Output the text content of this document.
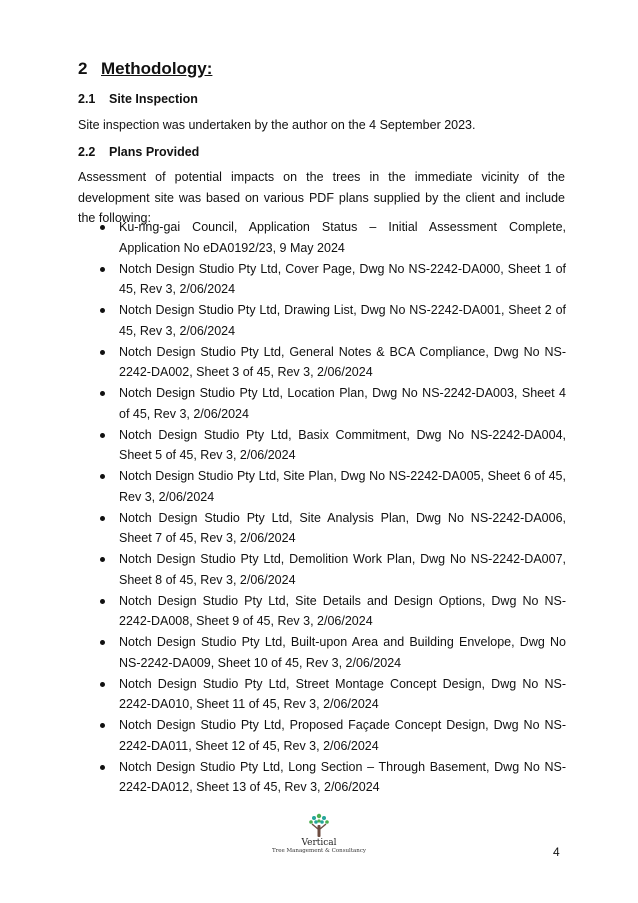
2 Methodology:
2.1	Site Inspection
Site inspection was undertaken by the author on the 4 September 2023.
2.2	Plans Provided
Assessment of potential impacts on the trees in the immediate vicinity of the development site was based on various PDF plans supplied by the client and include the following:
Ku-ring-gai Council, Application Status – Initial Assessment Complete, Application No eDA0192/23, 9 May 2024
Notch Design Studio Pty Ltd, Cover Page, Dwg No NS-2242-DA000, Sheet 1 of 45, Rev 3, 2/06/2024
Notch Design Studio Pty Ltd, Drawing List, Dwg No NS-2242-DA001, Sheet 2 of 45, Rev 3, 2/06/2024
Notch Design Studio Pty Ltd, General Notes & BCA Compliance, Dwg No NS-2242-DA002, Sheet 3 of 45, Rev 3, 2/06/2024
Notch Design Studio Pty Ltd, Location Plan, Dwg No NS-2242-DA003, Sheet 4 of 45, Rev 3, 2/06/2024
Notch Design Studio Pty Ltd, Basix Commitment, Dwg No NS-2242-DA004, Sheet 5 of 45, Rev 3, 2/06/2024
Notch Design Studio Pty Ltd, Site Plan, Dwg No NS-2242-DA005, Sheet 6 of 45, Rev 3, 2/06/2024
Notch Design Studio Pty Ltd, Site Analysis Plan, Dwg No NS-2242-DA006, Sheet 7 of 45, Rev 3, 2/06/2024
Notch Design Studio Pty Ltd, Demolition Work Plan, Dwg No NS-2242-DA007, Sheet 8 of 45, Rev 3, 2/06/2024
Notch Design Studio Pty Ltd, Site Details and Design Options, Dwg No NS-2242-DA008, Sheet 9 of 45, Rev 3, 2/06/2024
Notch Design Studio Pty Ltd, Built-upon Area and Building Envelope, Dwg No NS-2242-DA009, Sheet 10 of 45, Rev 3, 2/06/2024
Notch Design Studio Pty Ltd, Street Montage Concept Design, Dwg No NS-2242-DA010, Sheet 11 of 45, Rev 3, 2/06/2024
Notch Design Studio Pty Ltd, Proposed Façade Concept Design, Dwg No NS-2242-DA011, Sheet 12 of 45, Rev 3, 2/06/2024
Notch Design Studio Pty Ltd, Long Section – Through Basement, Dwg No NS-2242-DA012, Sheet 13 of 45, Rev 3, 2/06/2024
Vertical
Tree Management & Consultancy	4
